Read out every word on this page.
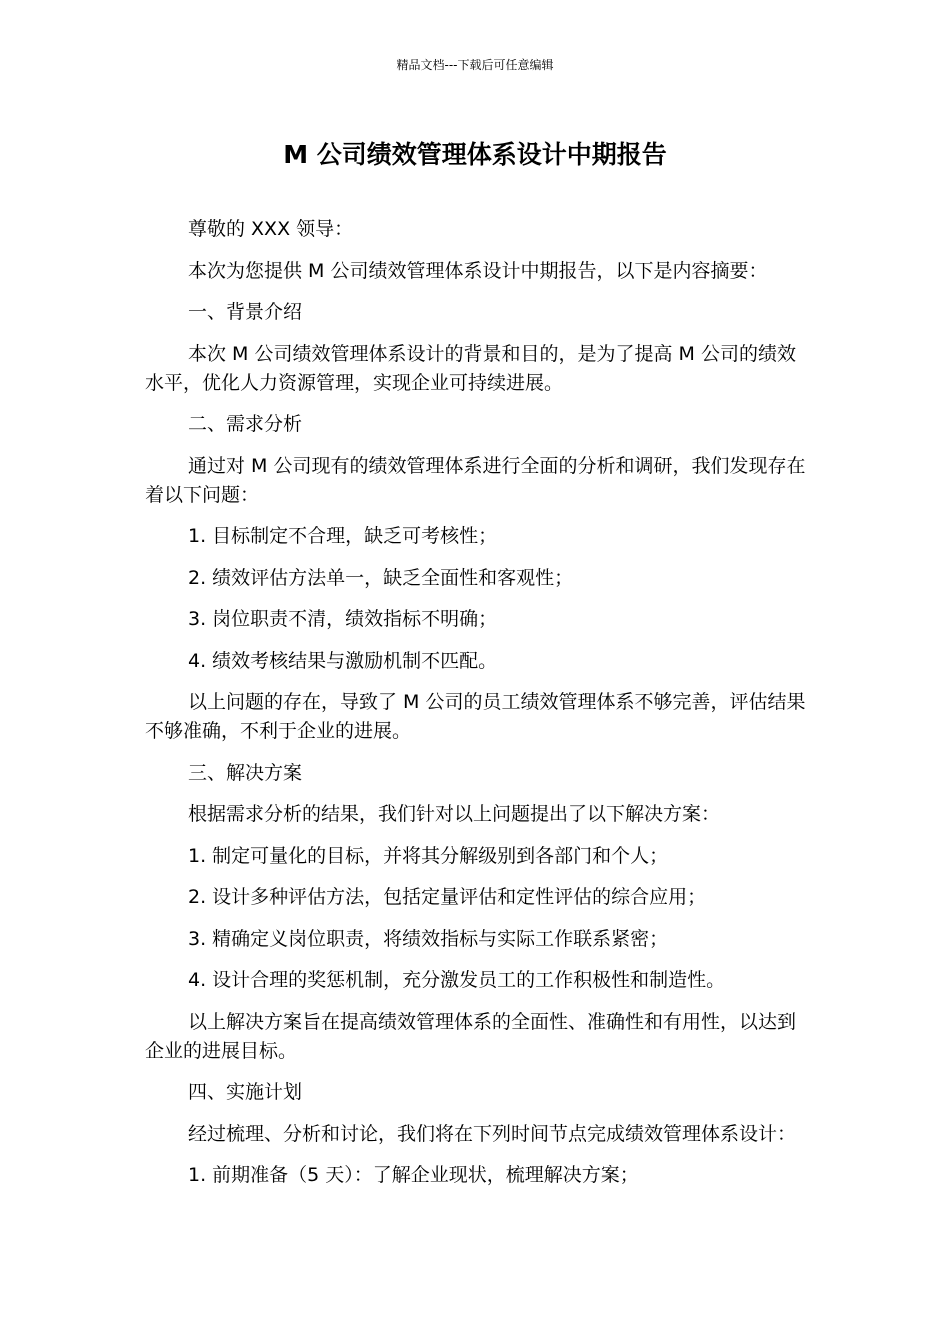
精品文档---下载后可任意编辑
M 公司绩效管理体系设计中期报告

尊敬的 XXX 领导：

本次为您提供 M 公司绩效管理体系设计中期报告，以下是内容摘要：

一、背景介绍

本次 M 公司绩效管理体系设计的背景和目的，是为了提高 M 公司的绩效水平，优化人力资源管理，实现企业可持续进展。

二、需求分析

通过对 M 公司现有的绩效管理体系进行全面的分析和调研，我们发现存在着以下问题：

1. 目标制定不合理，缺乏可考核性；

2. 绩效评估方法单一，缺乏全面性和客观性；

3. 岗位职责不清，绩效指标不明确；

4. 绩效考核结果与激励机制不匹配。

以上问题的存在，导致了 M 公司的员工绩效管理体系不够完善，评估结果不够准确，不利于企业的进展。

三、解决方案

根据需求分析的结果，我们针对以上问题提出了以下解决方案：

1. 制定可量化的目标，并将其分解级别到各部门和个人；

2. 设计多种评估方法，包括定量评估和定性评估的综合应用；

3. 精确定义岗位职责，将绩效指标与实际工作联系紧密；

4. 设计合理的奖惩机制，充分激发员工的工作积极性和制造性。

以上解决方案旨在提高绩效管理体系的全面性、准确性和有用性，以达到企业的进展目标。

四、实施计划

经过梳理、分析和讨论，我们将在下列时间节点完成绩效管理体系设计：

1. 前期准备（5 天）：了解企业现状，梳理解决方案；
